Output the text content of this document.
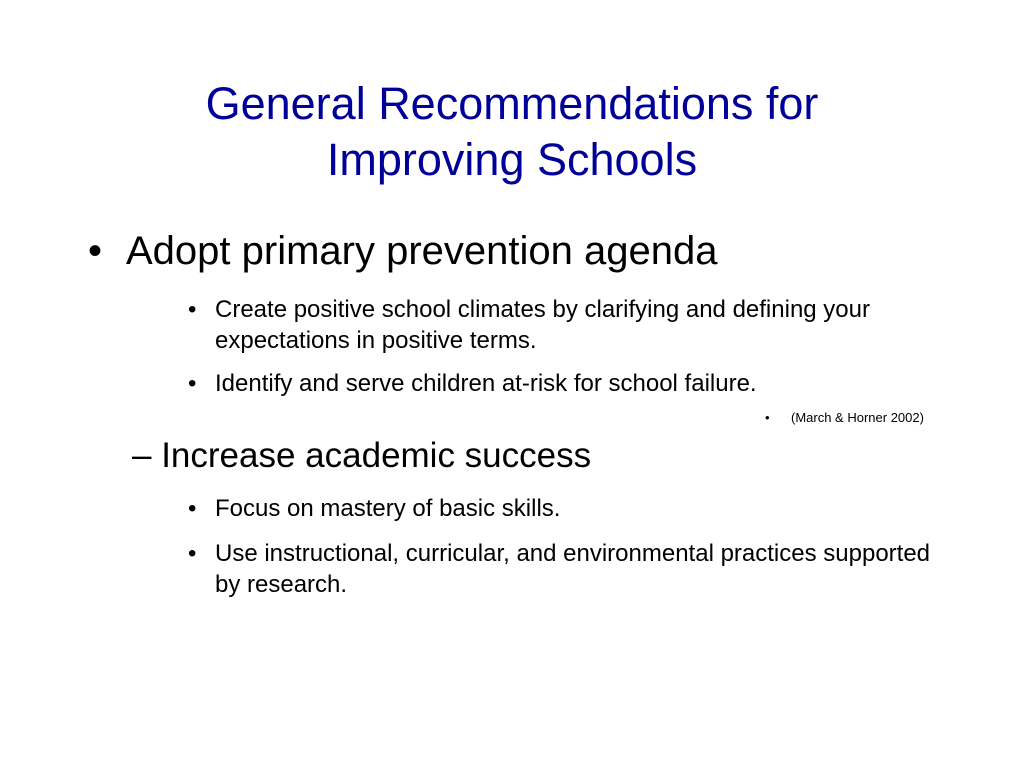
General Recommendations for
Improving Schools
• Adopt primary prevention agenda
• Create positive school climates by clarifying and defining your expectations in positive terms.
• Identify and serve children at-risk for school failure.
• (March & Horner 2002)
– Increase academic success
• Focus on mastery of basic skills.
• Use instructional, curricular, and environmental practices supported by research.
